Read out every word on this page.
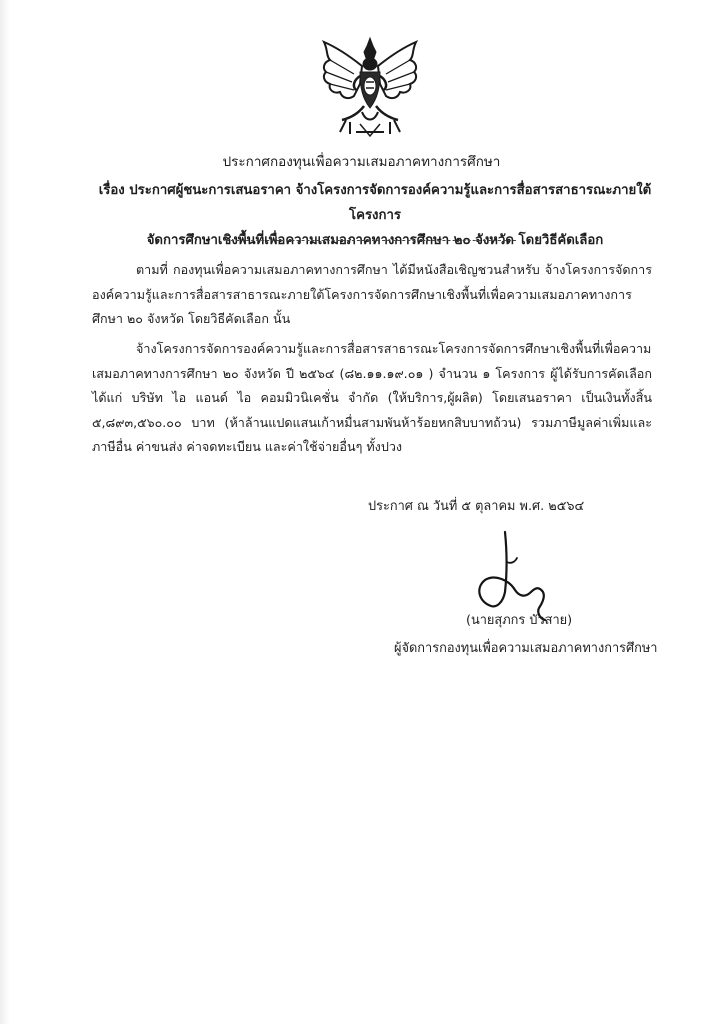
ประกาศกองทุนเพื่อความเสมอภาคทางการศึกษา
เรื่อง ประกาศผู้ชนะการเสนอราคา จ้างโครงการจัดการองค์ความรู้และการสื่อสารสาธารณะภายใต้โครงการ
จัดการศึกษาเชิงพื้นที่เพื่อความเสมอภาคทางการศึกษา ๒๐ จังหวัด โดยวิธีคัดเลือก
ตามที่ กองทุนเพื่อความเสมอภาคทางการศึกษา ได้มีหนังสือเชิญชวนสำหรับ จ้างโครงการจัดการองค์ความรู้และการสื่อสารสาธารณะภายใต้โครงการจัดการศึกษาเชิงพื้นที่เพื่อความเสมอภาคทางการศึกษา ๒๐ จังหวัด โดยวิธีคัดเลือก นั้น
จ้างโครงการจัดการองค์ความรู้และการสื่อสารสาธารณะโครงการจัดการศึกษาเชิงพื้นที่เพื่อความเสมอภาคทางการศึกษา ๒๐ จังหวัด ปี ๒๕๖๔ (๘๒.๑๑.๑๙.๐๑ ) จำนวน ๑ โครงการ ผู้ได้รับการคัดเลือก ได้แก่ บริษัท ไอ แอนด์ ไอ คอมมิวนิเคชั่น จำกัด (ให้บริการ,ผู้ผลิต) โดยเสนอราคา เป็นเงินทั้งสิ้น ๕,๘๙๓,๕๖๐.๐๐ บาท (ห้าล้านแปดแสนเก้าหมื่นสามพันห้าร้อยหกสิบบาทถ้วน) รวมภาษีมูลค่าเพิ่มและภาษีอื่น ค่าขนส่ง ค่าจดทะเบียน และค่าใช้จ่ายอื่นๆ ทั้งปวง
ประกาศ ณ วันที่ ๕ ตุลาคม พ.ศ. ๒๕๖๔
(นายสุภกร บัวสาย)
ผู้จัดการกองทุนเพื่อความเสมอภาคทางการศึกษา
